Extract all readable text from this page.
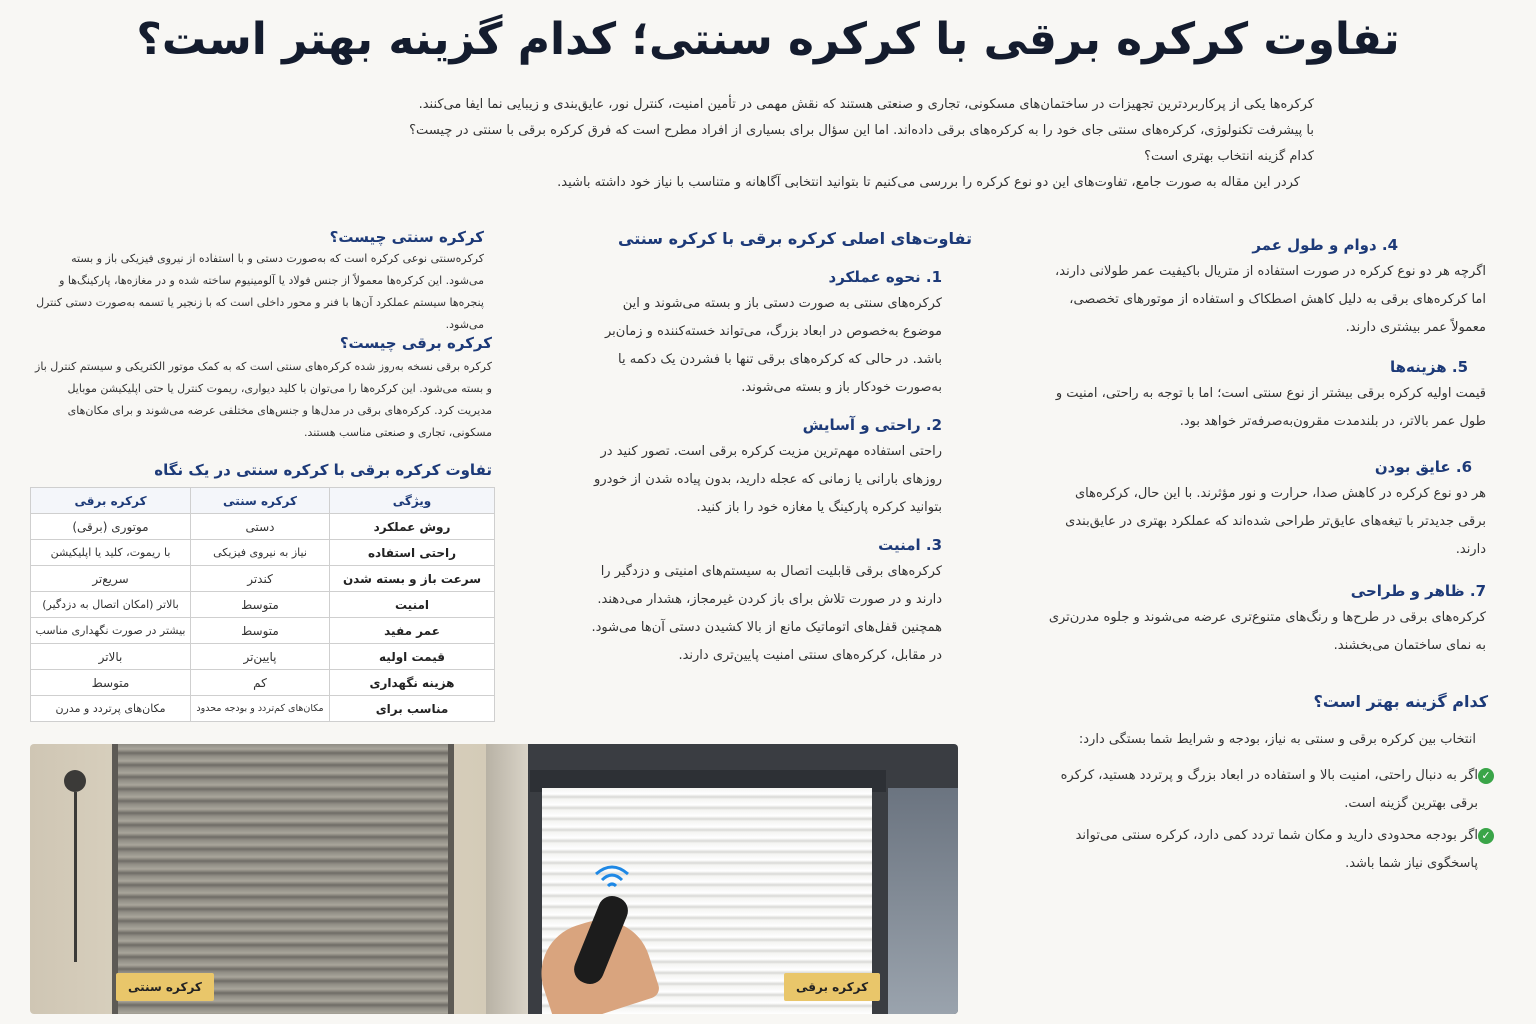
تفاوت کرکره برقی با کرکره سنتی؛ کدام گزینه بهتر است؟

کرکره‌ها یکی از پرکاربردترین تجهیزات در ساختمان‌های مسکونی، تجاری و صنعتی هستند که نقش مهمی در تأمین امنیت، کنترل نور، عایق‌بندی و زیبایی نما ایفا می‌کنند.

با پیشرفت تکنولوژی، کرکره‌های سنتی جای خود را به کرکره‌های برقی داده‌اند. اما این سؤال برای بسیاری از افراد مطرح است که فرق کرکره برقی با سنتی در چیست؟

کدام گزینه انتخاب بهتری است؟

کردر این مقاله به صورت جامع، تفاوت‌های این دو نوع کرکره را بررسی می‌کنیم تا بتوانید انتخابی آگاهانه و متناسب با نیاز خود داشته باشید.

کرکره سنتی چیست؟

کرکره‌سنتی نوعی کرکره است که به‌صورت دستی و با استفاده از نیروی فیزیکی باز و بسته می‌شود. این کرکره‌ها معمولاً از جنس فولاد یا آلومینیوم ساخته شده و در مغازه‌ها، پارکینگ‌ها و پنجره‌ها سیستم عملکرد آن‌ها با فنر و محور داخلی است که با زنجیر یا تسمه به‌صورت دستی کنترل می‌شود.

کرکره برقی چیست؟

کرکره برقی نسخه به‌روز شده کرکره‌های سنتی است که به کمک موتور الکتریکی و سیستم کنترل باز و بسته می‌شود. این کرکره‌ها را می‌توان با کلید دیواری، ریموت کنترل یا حتی اپلیکیشن موبایل مدیریت کرد. کرکره‌های برقی در مدل‌ها و جنس‌های مختلفی عرضه می‌شوند و برای مکان‌های مسکونی، تجاری و صنعتی مناسب هستند.

تفاوت کرکره برقی با کرکره سنتی در یک نگاه
ویژگی	کرکره سنتی	کرکره برقی
روش عملکرد	دستی	موتوری (برقی)
راحتی استفاده	نیاز به نیروی فیزیکی	با ریموت، کلید یا اپلیکیشن
سرعت باز و بسته شدن	کندتر	سریع‌تر
امنیت	متوسط	بالاتر (امکان اتصال به دزدگیر)
عمر مفید	متوسط	بیشتر در صورت نگهداری مناسب
قیمت اولیه	پایین‌تر	بالاتر
هزینه نگهداری	کم	متوسط
مناسب برای	مکان‌های کم‌تردد و بودجه محدود	مکان‌های پرتردد و مدرن
تفاوت‌های اصلی کرکره برقی با کرکره سنتی
1. نحوه عملکرد

کرکره‌های سنتی به صورت دستی باز و بسته می‌شوند و این موضوع به‌خصوص در ابعاد بزرگ، می‌تواند خسته‌کننده و زمان‌بر باشد. در حالی که کرکره‌های برقی تنها با فشردن یک دکمه یا به‌صورت خودکار باز و بسته می‌شوند.

2. راحتی و آسایش

راحتی استفاده مهم‌ترین مزیت کرکره برقی است. تصور کنید در روزهای بارانی یا زمانی که عجله دارید، بدون پیاده شدن از خودرو بتوانید کرکره پارکینگ یا مغازه خود را باز کنید.

3. امنیت

کرکره‌های برقی قابلیت اتصال به سیستم‌های امنیتی و دزدگیر را دارند و در صورت تلاش برای باز کردن غیرمجاز، هشدار می‌دهند. همچنین قفل‌های اتوماتیک مانع از بالا کشیدن دستی آن‌ها می‌شود. در مقابل، کرکره‌های سنتی امنیت پایین‌تری دارند.

4. دوام و طول عمر

اگرچه هر دو نوع کرکره در صورت استفاده از متریال باکیفیت عمر طولانی دارند، اما کرکره‌های برقی به دلیل کاهش اصطکاک و استفاده از موتورهای تخصصی، معمولاً عمر بیشتری دارند.

5. هزینه‌ها

قیمت اولیه کرکره برقی بیشتر از نوع سنتی است؛ اما با توجه به راحتی، امنیت و طول عمر بالاتر، در بلندمدت مقرون‌به‌صرفه‌تر خواهد بود.

6. عایق بودن

هر دو نوع کرکره در کاهش صدا، حرارت و نور مؤثرند. با این حال، کرکره‌های برقی جدیدتر با تیغه‌های عایق‌تر طراحی شده‌اند که عملکرد بهتری در عایق‌بندی دارند.

7. ظاهر و طراحی

کرکره‌های برقی در طرح‌ها و رنگ‌های متنوع‌تری عرضه می‌شوند و جلوه مدرن‌تری به نمای ساختمان می‌بخشند.

کدام گزینه بهتر است؟

انتخاب بین کرکره برقی و سنتی به نیاز، بودجه و شرایط شما بستگی دارد:

✓

اگر به دنبال راحتی، امنیت بالا و استفاده در ابعاد بزرگ و پرتردد هستید، کرکره برقی بهترین گزینه است.

✓

اگر بودجه محدودی دارید و مکان شما تردد کمی دارد، کرکره سنتی می‌تواند پاسخگوی نیاز شما باشد.

کرکره سنتی	کرکره برقی
